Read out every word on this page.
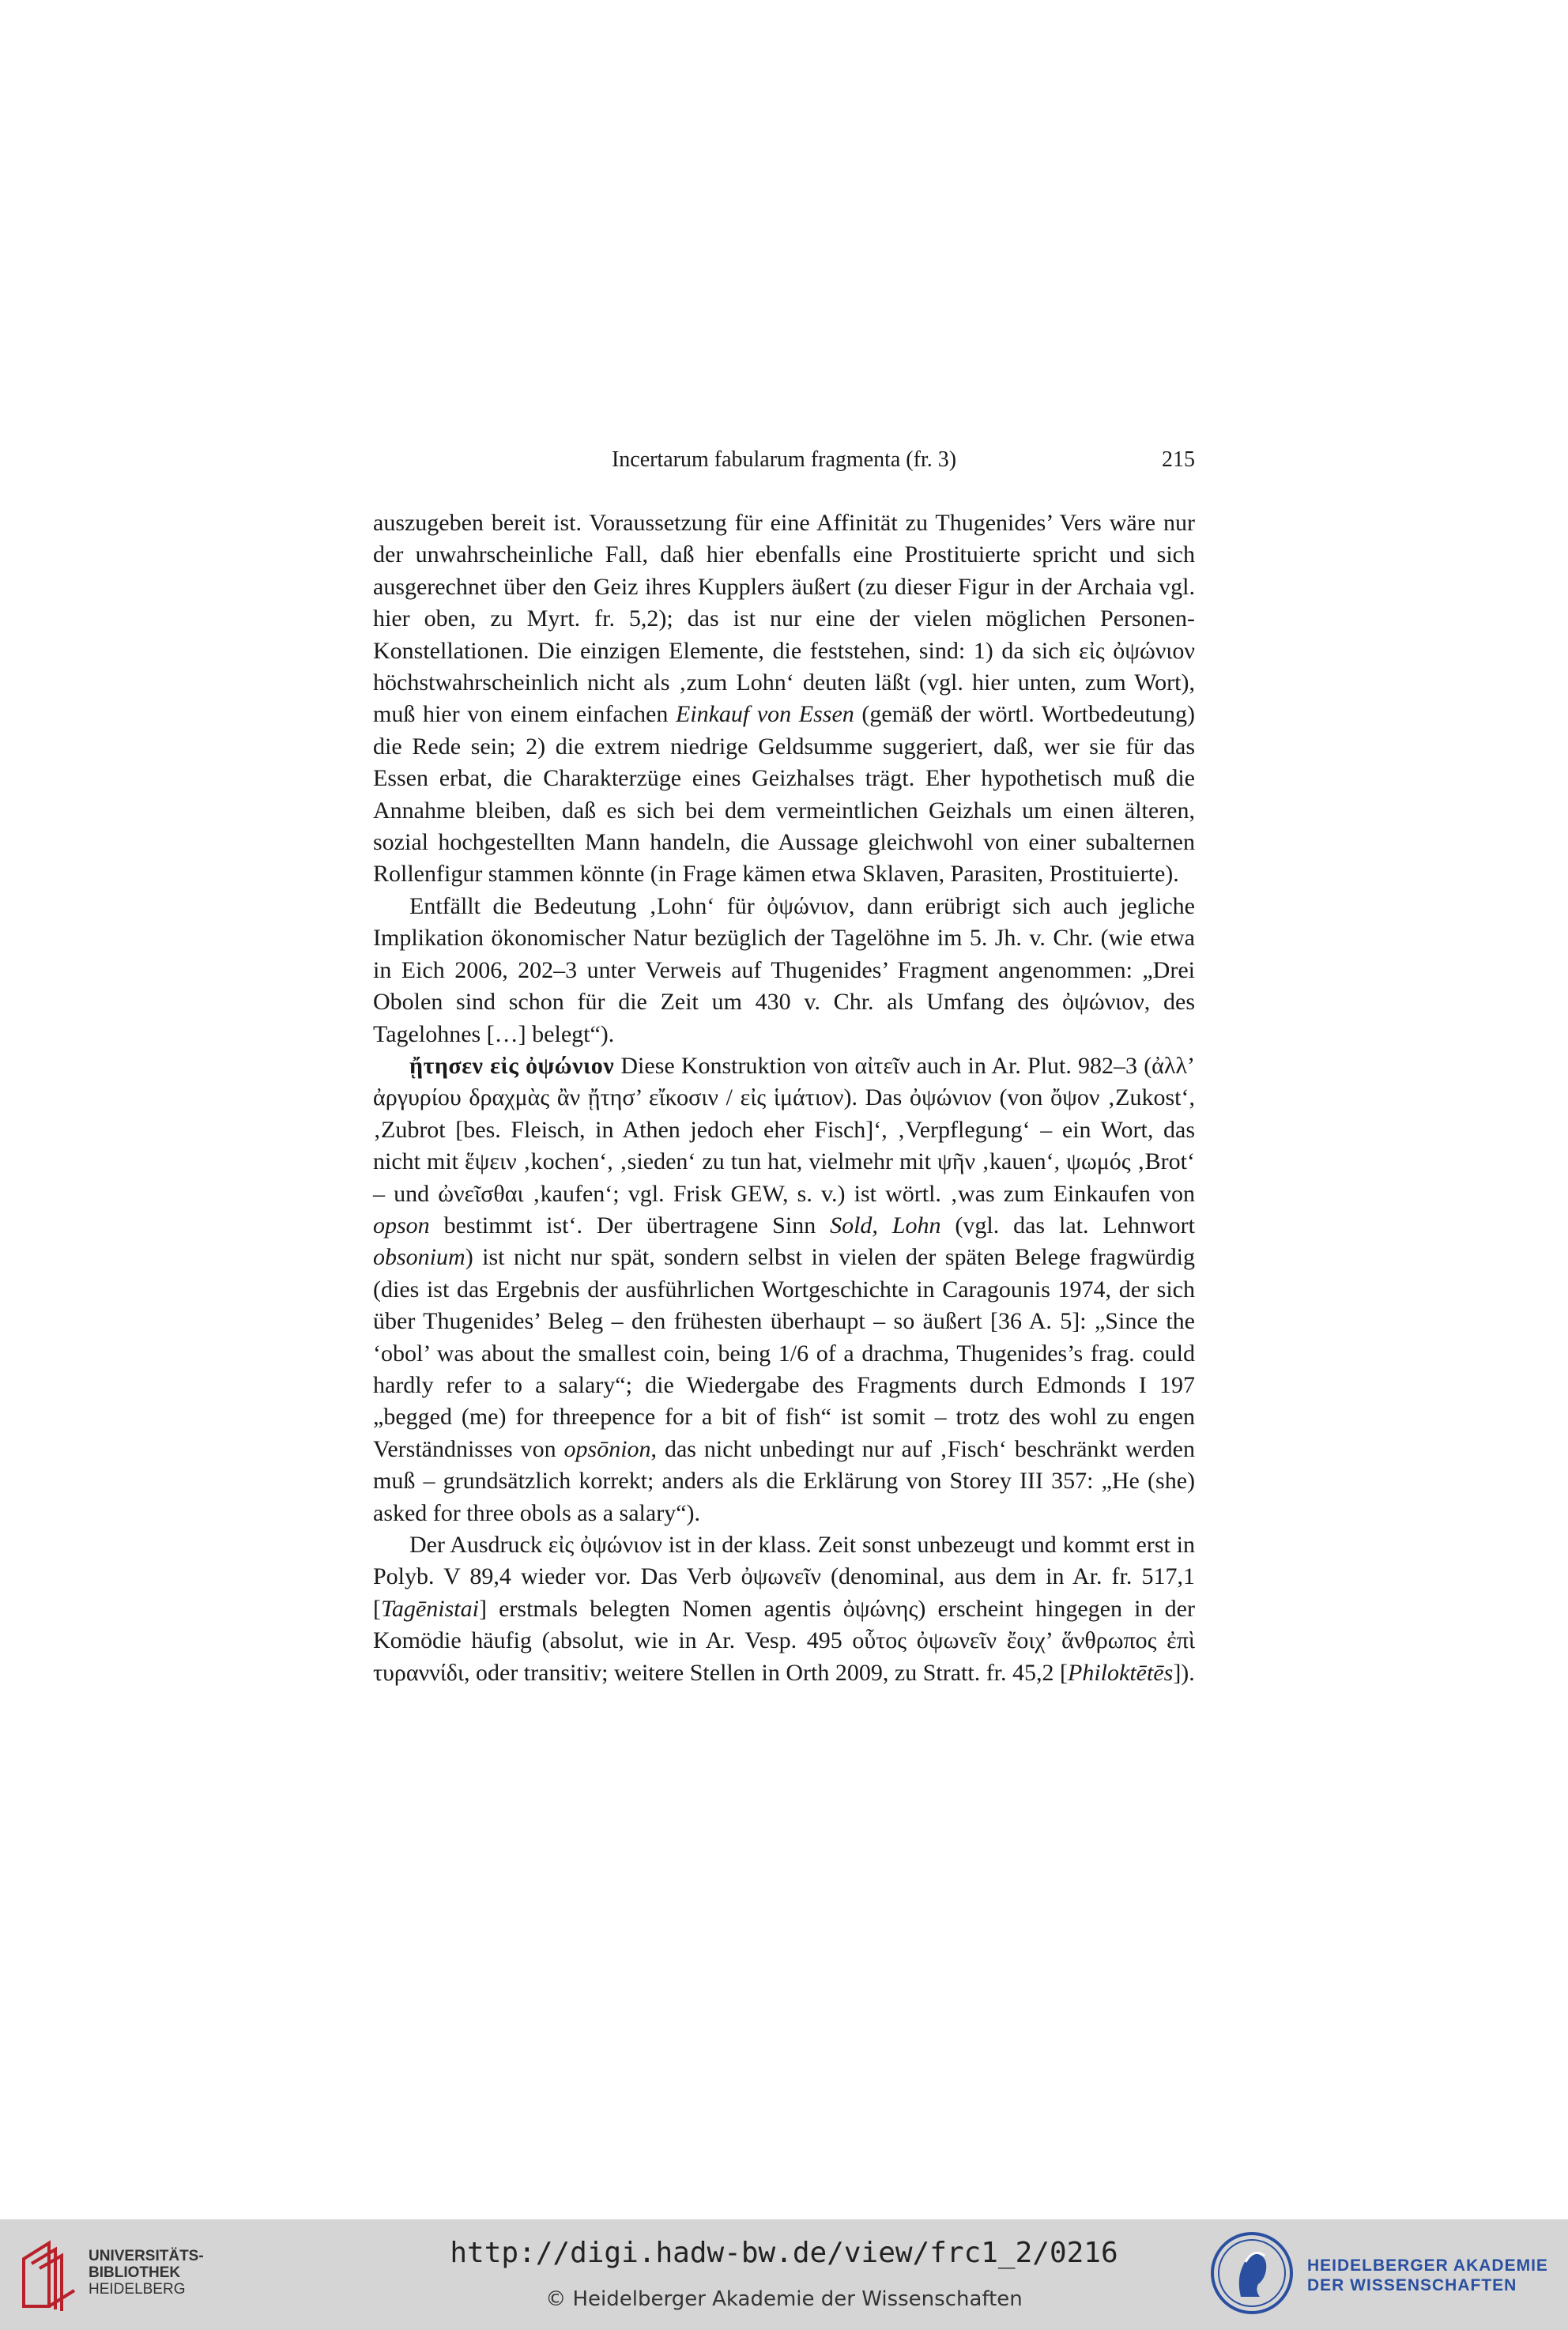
Incertarum fabularum fragmenta (fr. 3)	215

auszugeben bereit ist. Voraussetzung für eine Affinität zu Thugenides’ Vers wäre nur der unwahrscheinliche Fall, daß hier ebenfalls eine Prostituierte spricht und sich ausgerechnet über den Geiz ihres Kupplers äußert (zu dieser Figur in der Archaia vgl. hier oben, zu Myrt. fr. 5,2); das ist nur eine der vielen möglichen Personen-Konstellationen. Die einzigen Elemente, die feststehen, sind: 1) da sich εἰς ὀψώνιον höchstwahrscheinlich nicht als ‚zum Lohn‘ deuten läßt (vgl. hier unten, zum Wort), muß hier von einem einfachen Einkauf von Essen (gemäß der wörtl. Wortbedeutung) die Rede sein; 2) die extrem niedrige Geldsumme suggeriert, daß, wer sie für das Essen erbat, die Charakterzüge eines Geizhalses trägt. Eher hypothetisch muß die Annahme bleiben, daß es sich bei dem vermeintlichen Geizhals um einen älteren, sozial hochgestellten Mann handeln, die Aussage gleichwohl von einer subalternen Rollenfigur stammen könnte (in Frage kämen etwa Sklaven, Parasiten, Prostituierte).

Entfällt die Bedeutung ‚Lohn‘ für ὀψώνιον, dann erübrigt sich auch jegliche Implikation ökonomischer Natur bezüglich der Tagelöhne im 5. Jh. v. Chr. (wie etwa in Eich 2006, 202–3 unter Verweis auf Thugenides’ Fragment angenommen: „Drei Obolen sind schon für die Zeit um 430 v. Chr. als Umfang des ὀψώνιον, des Tagelohnes […] belegt“).

ᾔτησεν εἰς ὀψώνιον Diese Konstruktion von αἰτεῖν auch in Ar. Plut. 982–3 (ἀλλ’ ἀργυρίου δραχμὰς ἂν ᾔτησ’ εἴκοσιν / εἰς ἱμάτιον). Das ὀψώνιον (von ὄψον ‚Zukost‘, ‚Zubrot [bes. Fleisch, in Athen jedoch eher Fisch]‘, ‚Verpflegung‘ – ein Wort, das nicht mit ἕψειν ‚kochen‘, ‚sieden‘ zu tun hat, vielmehr mit ψῆν ‚kauen‘, ψωμός ‚Brot‘ – und ὠνεῖσθαι ‚kaufen‘; vgl. Frisk GEW, s. v.) ist wörtl. ‚was zum Einkaufen von opson bestimmt ist‘. Der übertragene Sinn Sold, Lohn (vgl. das lat. Lehnwort obsonium) ist nicht nur spät, sondern selbst in vielen der späten Belege fragwürdig (dies ist das Ergebnis der ausführlichen Wortgeschichte in Caragounis 1974, der sich über Thugenides’ Beleg – den frühesten überhaupt – so äußert [36 A. 5]: „Since the ‘obol’ was about the smallest coin, being 1/6 of a drachma, Thugenides’s frag. could hardly refer to a salary“; die Wiedergabe des Fragments durch Edmonds I 197 „begged (me) for threepence for a bit of fish“ ist somit – trotz des wohl zu engen Verständnisses von opsōnion, das nicht unbedingt nur auf ‚Fisch‘ beschränkt werden muß – grundsätzlich korrekt; anders als die Erklärung von Storey III 357: „He (she) asked for three obols as a salary“).

Der Ausdruck εἰς ὀψώνιον ist in der klass. Zeit sonst unbezeugt und kommt erst in Polyb. V 89,4 wieder vor. Das Verb ὀψωνεῖν (denominal, aus dem in Ar. fr. 517,1 [Tagēnistai] erstmals belegten Nomen agentis ὀψώνης) erscheint hingegen in der Komödie häufig (absolut, wie in Ar. Vesp. 495 οὗτος ὀψωνεῖν ἔοιχ’ ἅνθρωπος ἐπὶ τυραννίδι, oder transitiv; weitere Stellen in Orth 2009, zu Stratt. fr. 45,2 [Philoktētēs]).

UNIVERSITÄTS-
BIBLIOTHEK
HEIDELBERG
http://digi.hadw-bw.de/view/frc1_2/0216
© Heidelberger Akademie der Wissenschaften
HEIDELBERGER AKADEMIE
DER WISSENSCHAFTEN
